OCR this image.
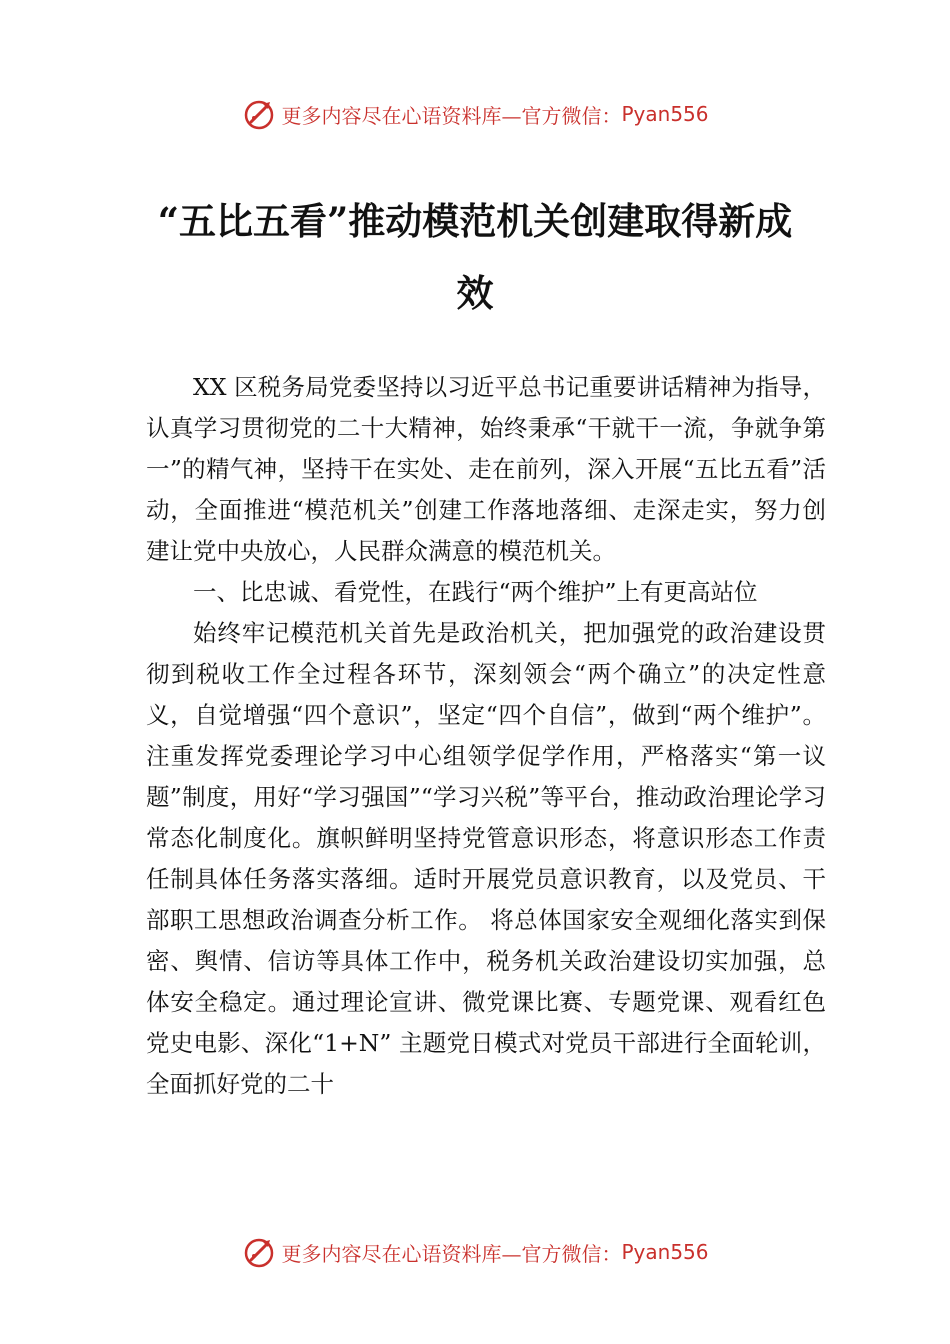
更多内容尽在心语资料库—官方微信： Pyan556
“五比五看”推动模范机关创建取得新成效

XX 区税务局党委坚持以习近平总书记重要讲话精神为指导，认真学习贯彻党的二十大精神，始终秉承“干就干一流，争就争第一”的精气神，坚持干在实处、走在前列，深入开展“五比五看”活动，全面推进“模范机关”创建工作落地落细、走深走实，努力创建让党中央放心，人民群众满意的模范机关。

一、比忠诚、看党性，在践行“两个维护”上有更高站位

始终牢记模范机关首先是政治机关，把加强党的政治建设贯彻到税收工作全过程各环节，深刻领会“两个确立”的决定性意义，自觉增强“四个意识”，坚定“四个自信”，做到“两个维护”。注重发挥党委理论学习中心组领学促学作用，严格落实“第一议题”制度，用好“学习强国”“学习兴税”等平台，推动政治理论学习常态化制度化。旗帜鲜明坚持党管意识形态，将意识形态工作责任制具体任务落实落细。适时开展党员意识教育，以及党员、干部职工思想政治调查分析工作。 将总体国家安全观细化落实到保密、舆情、信访等具体工作中，税务机关政治建设切实加强，总体安全稳定。通过理论宣讲、微党课比赛、专题党课、观看红色党史电影、深化“1+N” 主题党日模式对党员干部进行全面轮训，全面抓好党的二十

更多内容尽在心语资料库—官方微信： Pyan556
